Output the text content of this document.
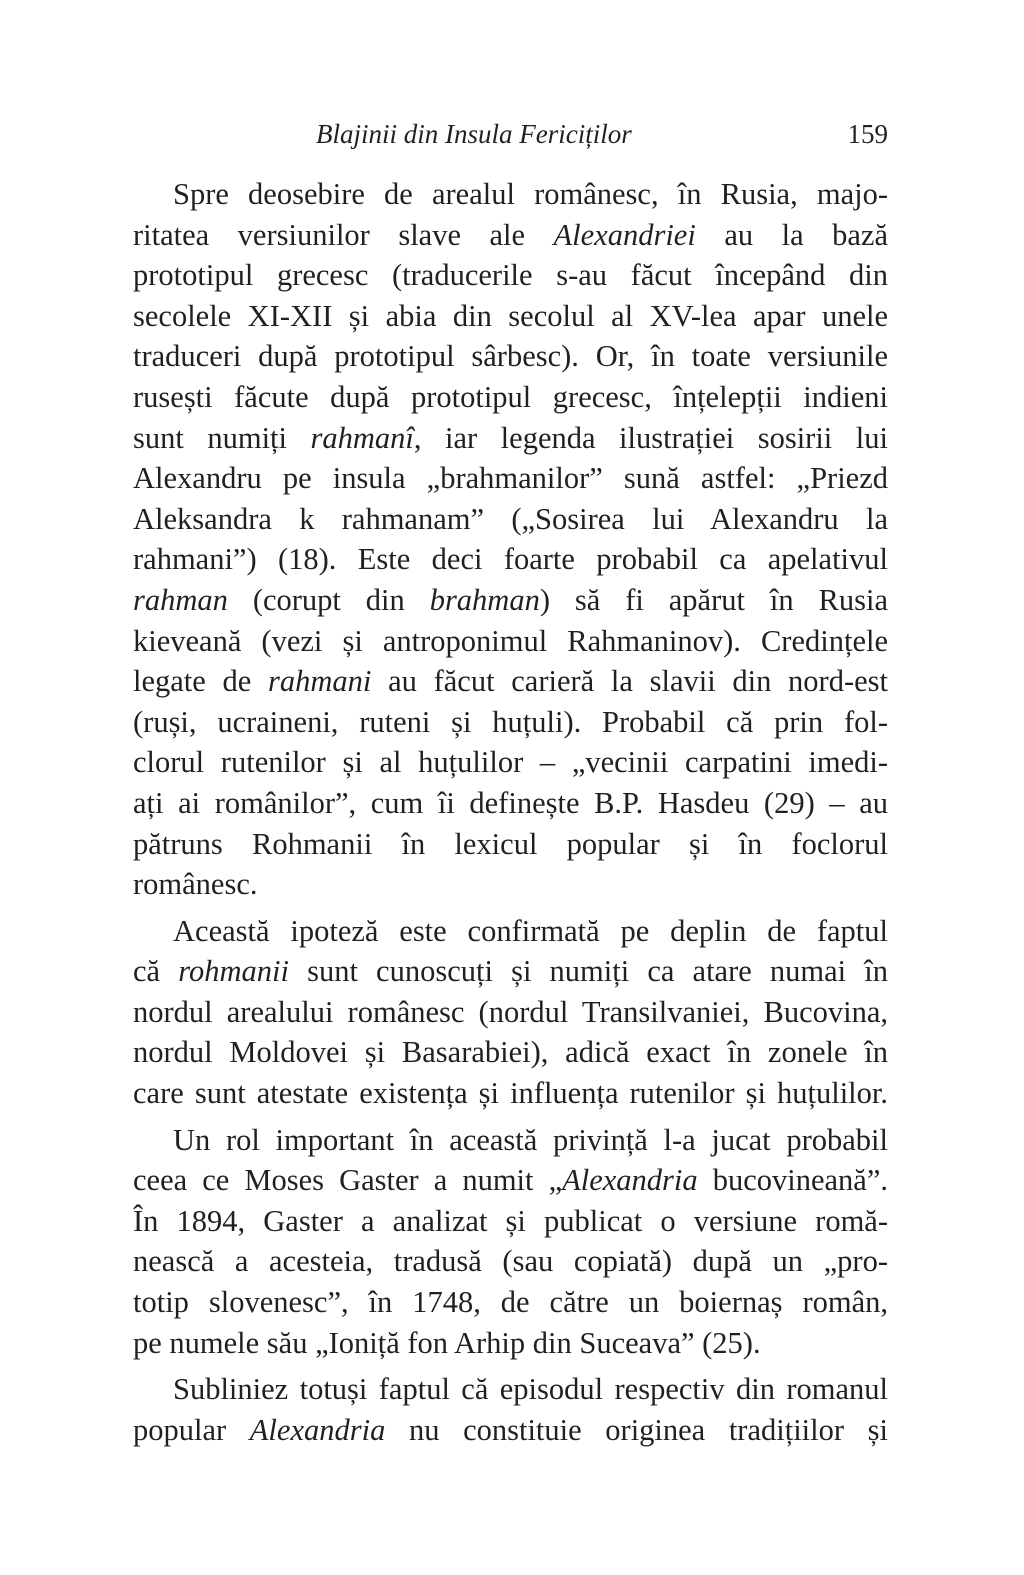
Blajinii din Insula Fericiților	159
Spre deosebire de arealul românesc, în Rusia, majo-
ritatea versiunilor slave ale Alexandriei au la bază
prototipul grecesc (traducerile s-au făcut începând din
secolele XI-XII și abia din secolul al XV-lea apar unele
traduceri după prototipul sârbesc). Or, în toate versiunile
rusești făcute după prototipul grecesc, înțelepții indieni
sunt numiți rahmanî, iar legenda ilustrației sosirii lui
Alexandru pe insula „brahmanilor” sună astfel: „Priezd
Aleksandra k rahmanam” („Sosirea lui Alexandru la
rahmani”) (18). Este deci foarte probabil ca apelativul
rahman (corupt din brahman) să fi apărut în Rusia
kieveană (vezi și antroponimul Rahmaninov). Credințele
legate de rahmani au făcut carieră la slavii din nord-est
(ruși, ucraineni, ruteni și huțuli). Probabil că prin fol-
clorul rutenilor și al huțulilor – „vecinii carpatini imedi-
ați ai românilor”, cum îi definește B.P. Hasdeu (29) – au
pătruns Rohmanii în lexicul popular și în foclorul
românesc.
Această ipoteză este confirmată pe deplin de faptul
că rohmanii sunt cunoscuți și numiți ca atare numai în
nordul arealului românesc (nordul Transilvaniei, Bucovina,
nordul Moldovei și Basarabiei), adică exact în zonele în
care sunt atestate existența și influența rutenilor și huțulilor.
Un rol important în această privință l-a jucat probabil
ceea ce Moses Gaster a numit „Alexandria bucovineană”.
În 1894, Gaster a analizat și publicat o versiune romă-
nească a acesteia, tradusă (sau copiată) după un „pro-
totip slovenesc”, în 1748, de către un boiernaș român,
pe numele său „Ioniță fon Arhip din Suceava” (25).
Subliniez totuși faptul că episodul respectiv din romanul
popular Alexandria nu constituie originea tradițiilor și
